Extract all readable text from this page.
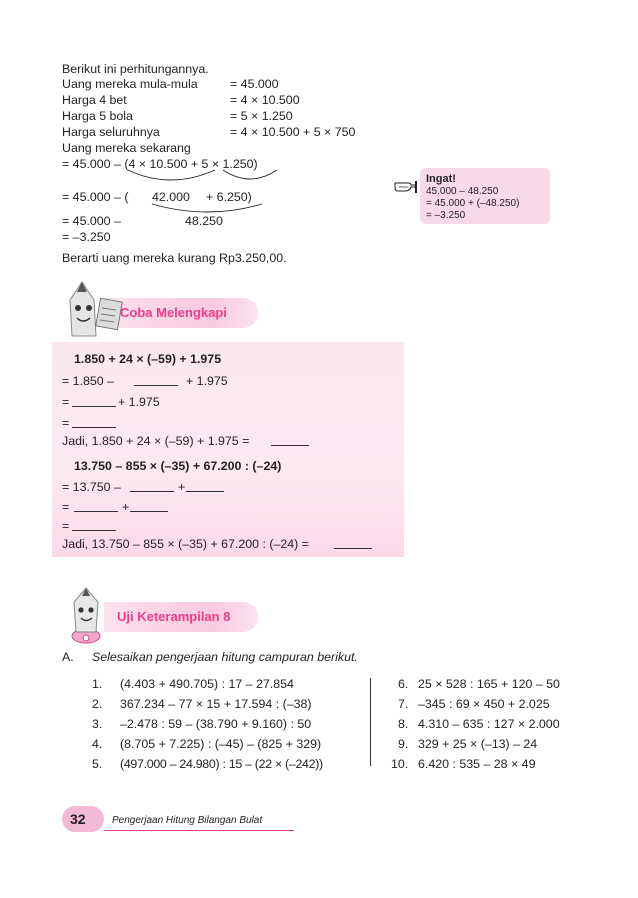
Berikut ini perhitungannya.
Uang mereka mula-mula	= 45.000
Harga 4 bet	= 4 × 10.500
Harga 5 bola	= 5 × 1.250
Harga seluruhnya	= 4 × 10.500 + 5 × 750
Uang mereka sekarang
= 45.000 – (4 × 10.500 + 5 × 1.250)
= 45.000 – ( 42.000 + 6.250)
= 45.000 –	48.250
= –3.250
Berarti uang mereka kurang Rp3.250,00.
Ingat!
45.000 – 48.250
= 45.000 + (–48.250)
= –3.250
Coba Melengkapi
1.850 + 24 × (–59) + 1.975
= 1.850 –	+ 1.975
=	+ 1.975
=
Jadi, 1.850 + 24 × (–59) + 1.975 =
13.750 – 855 × (–35) + 67.200 : (–24)
= 13.750 –	+
=	+
=
Jadi, 13.750 – 855 × (–35) + 67.200 : (–24) =
Uji Keterampilan 8
A. Selesaikan pengerjaan hitung campuran berikut.
1. (4.403 + 490.705) : 17 – 27.854
2. 367.234 – 77 × 15 + 17.594 : (–38)
3. –2.478 : 59 – (38.790 + 9.160) : 50
4. (8.705 + 7.225) : (–45) – (825 + 329)
5. (497.000 – 24.980) : 15 – (22 × (–242))
6. 25 × 528 : 165 + 120 – 50
7. –345 : 69 × 450 + 2.025
8. 4.310 – 635 : 127 × 2.000
9. 329 + 25 × (–13) – 24
10. 6.420 : 535 – 28 × 49
32	Pengerjaan Hitung Bilangan Bulat
